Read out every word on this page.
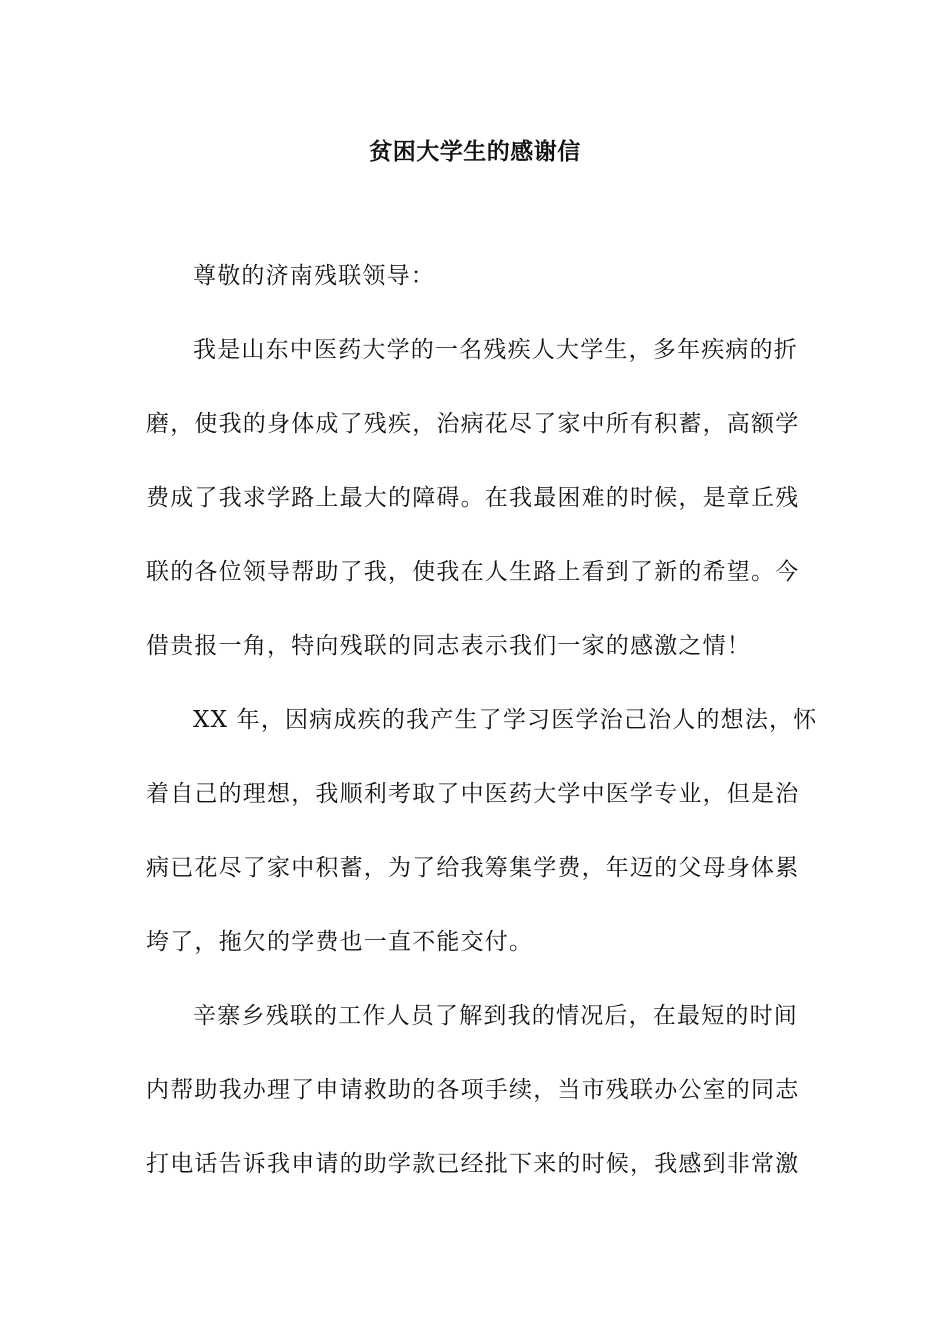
贫困大学生的感谢信
尊敬的济南残联领导：
我是山东中医药大学的一名残疾人大学生，多年疾病的折
磨，使我的身体成了残疾，治病花尽了家中所有积蓄，高额学
费成了我求学路上最大的障碍。在我最困难的时候，是章丘残
联的各位领导帮助了我，使我在人生路上看到了新的希望。今
借贵报一角，特向残联的同志表示我们一家的感激之情！
XX 年，因病成疾的我产生了学习医学治己治人的想法，怀
着自己的理想，我顺利考取了中医药大学中医学专业，但是治
病已花尽了家中积蓄，为了给我筹集学费，年迈的父母身体累
垮了，拖欠的学费也一直不能交付。
辛寨乡残联的工作人员了解到我的情况后，在最短的时间
内帮助我办理了申请救助的各项手续，当市残联办公室的同志
打电话告诉我申请的助学款已经批下来的时候，我感到非常激
